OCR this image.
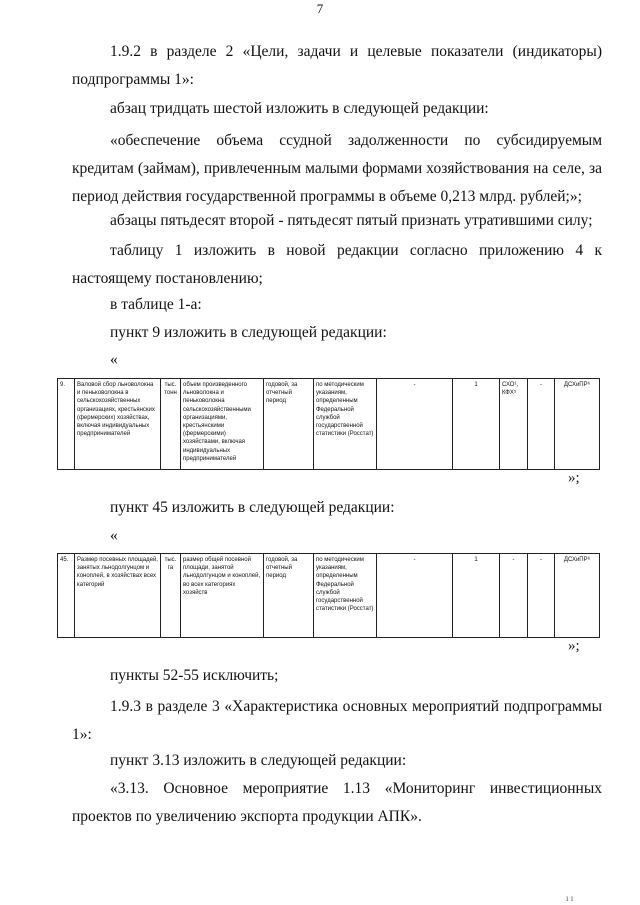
7
1.9.2 в разделе 2 «Цели, задачи и целевые показатели (индикаторы) подпрограммы 1»:
абзац тридцать шестой изложить в следующей редакции:
«обеспечение объема ссудной задолженности по субсидируемым кредитам (займам), привлеченным малыми формами хозяйствования на селе, за период действия государственной программы в объеме 0,213 млрд. рублей;»;
абзацы пятьдесят второй - пятьдесят пятый признать утратившими силу;
таблицу 1 изложить в новой редакции согласно приложению 4 к настоящему постановлению;
в таблице 1-а:
пункт 9 изложить в следующей редакции:
«
9.	Валовой сбор льноволокна и пеньковолокна в сельскохозяйственных организациях, крестьянских (фермерских) хозяйствах, включая индивидуальных предпринимателей	тыс. тонн	объем произведенного льноволокна и пеньковолокна сельскохозяйственными организациями, крестьянскими (фермерскими) хозяйствами, включая индивидуальных предпринимателей	годовой, за отчетный период	по методическим указаниям, определенным Федеральной службой государственной статистики (Росстат)	-	1	СХО¹, КФХ⁵	-	ДСХиПР⁶
»;
пункт 45 изложить в следующей редакции:
«
45.	Размер посевных площадей, занятых льнодолгунцом и коноплей, в хозяйствах всех категорий	тыс. га	размер общей посевной площади, занятой льнодолгунцом и коноплей, во всех категориях хозяйств	годовой, за отчетный период	по методическим указаниям, определенным Федеральной службой государственной статистики (Росстат)	-	1	-	-	ДСХиПР⁶
»;
пункты 52-55 исключить;
1.9.3 в разделе 3 «Характеристика основных мероприятий подпрограммы 1»:
пункт 3.13 изложить в следующей редакции:
«3.13. Основное мероприятие 1.13 «Мониторинг инвестиционных проектов по увеличению экспорта продукции АПК».
ı ı
